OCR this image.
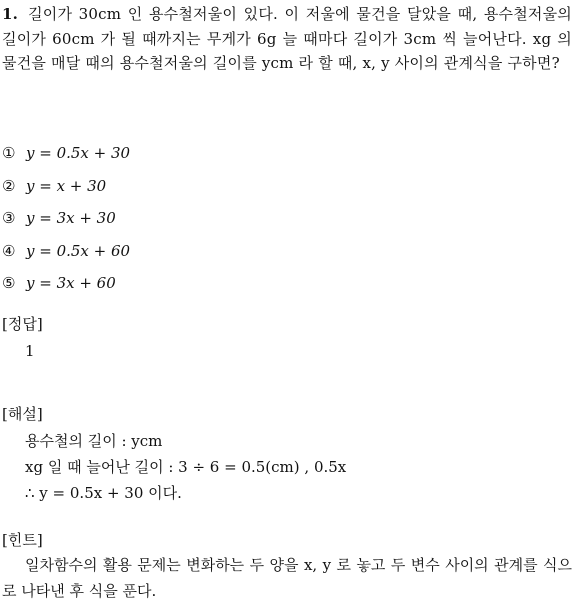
1. 길이가 30cm 인 용수철저울이 있다. 이 저울에 물건을 달았을 때, 용수철저울의 길이가 60cm 가 될 때까지는 무게가 6g 늘 때마다 길이가 3cm 씩 늘어난다. xg 의 물건을 매달 때의 용수철저울의 길이를 ycm 라 할 때, x, y 사이의 관계식을 구하면?
① y = 0.5x + 30
② y = x + 30
③ y = 3x + 30
④ y = 0.5x + 60
⑤ y = 3x + 60
[정답]
1
[해설]
용수철의 길이 : ycm
xg 일 때 늘어난 길이 : 3 ÷ 6 = 0.5(cm) , 0.5x
∴ y = 0.5x + 30 이다.
[힌트]
일차함수의 활용 문제는 변화하는 두 양을 x, y 로 놓고 두 변수 사이의 관계를 식으로 나타낸 후 식을 푼다.
